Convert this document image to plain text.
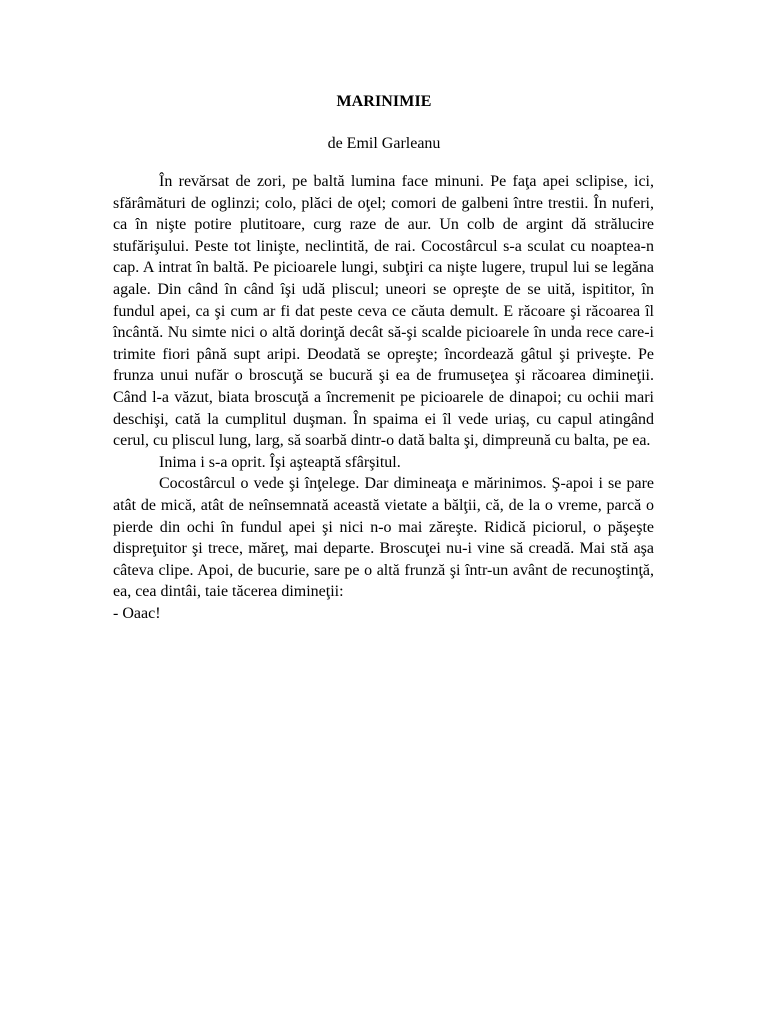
MARINIMIE
de Emil Garleanu

În revărsat de zori, pe baltă lumina face minuni. Pe faţa apei sclipise, ici, sfărâmături de oglinzi; colo, plăci de oţel; comori de galbeni între trestii. În nuferi, ca în nişte potire plutitoare, curg raze de aur. Un colb de argint dă strălucire stufărişului. Peste tot linişte, neclintită, de rai. Cocostârcul s-a sculat cu noaptea-n cap. A intrat în baltă. Pe picioarele lungi, subţiri ca nişte lugere, trupul lui se legăna agale. Din când în când îşi udă pliscul; uneori se opreşte de se uită, ispititor, în fundul apei, ca şi cum ar fi dat peste ceva ce căuta demult. E răcoare şi răcoarea îl încântă. Nu simte nici o altă dorinţă decât să-şi scalde picioarele în unda rece care-i trimite fiori până supt aripi. Deodată se opreşte; încordează gâtul şi priveşte. Pe frunza unui nufăr o broscuţă se bucură şi ea de frumuseţea şi răcoarea dimineţii. Când l-a văzut, biata broscuţă a încremenit pe picioarele de dinapoi; cu ochii mari deschişi, cată la cumplitul duşman. În spaima ei îl vede uriaş, cu capul atingând cerul, cu pliscul lung, larg, să soarbă dintr-o dată balta şi, dimpreună cu balta, pe ea.

Inima i s-a oprit. Îşi aşteaptă sfârşitul.

Cocostârcul o vede şi înţelege. Dar dimineaţa e mărinimos. Ş-apoi i se pare atât de mică, atât de neînsemnată această vietate a bălţii, că, de la o vreme, parcă o pierde din ochi în fundul apei şi nici n-o mai zăreşte. Ridică piciorul, o păşeşte dispreţuitor şi trece, măreţ, mai departe. Broscuţei nu-i vine să creadă. Mai stă aşa câteva clipe. Apoi, de bucurie, sare pe o altă frunză şi într-un avânt de recunoştinţă, ea, cea dintâi, taie tăcerea dimineţii:

- Oaac!
